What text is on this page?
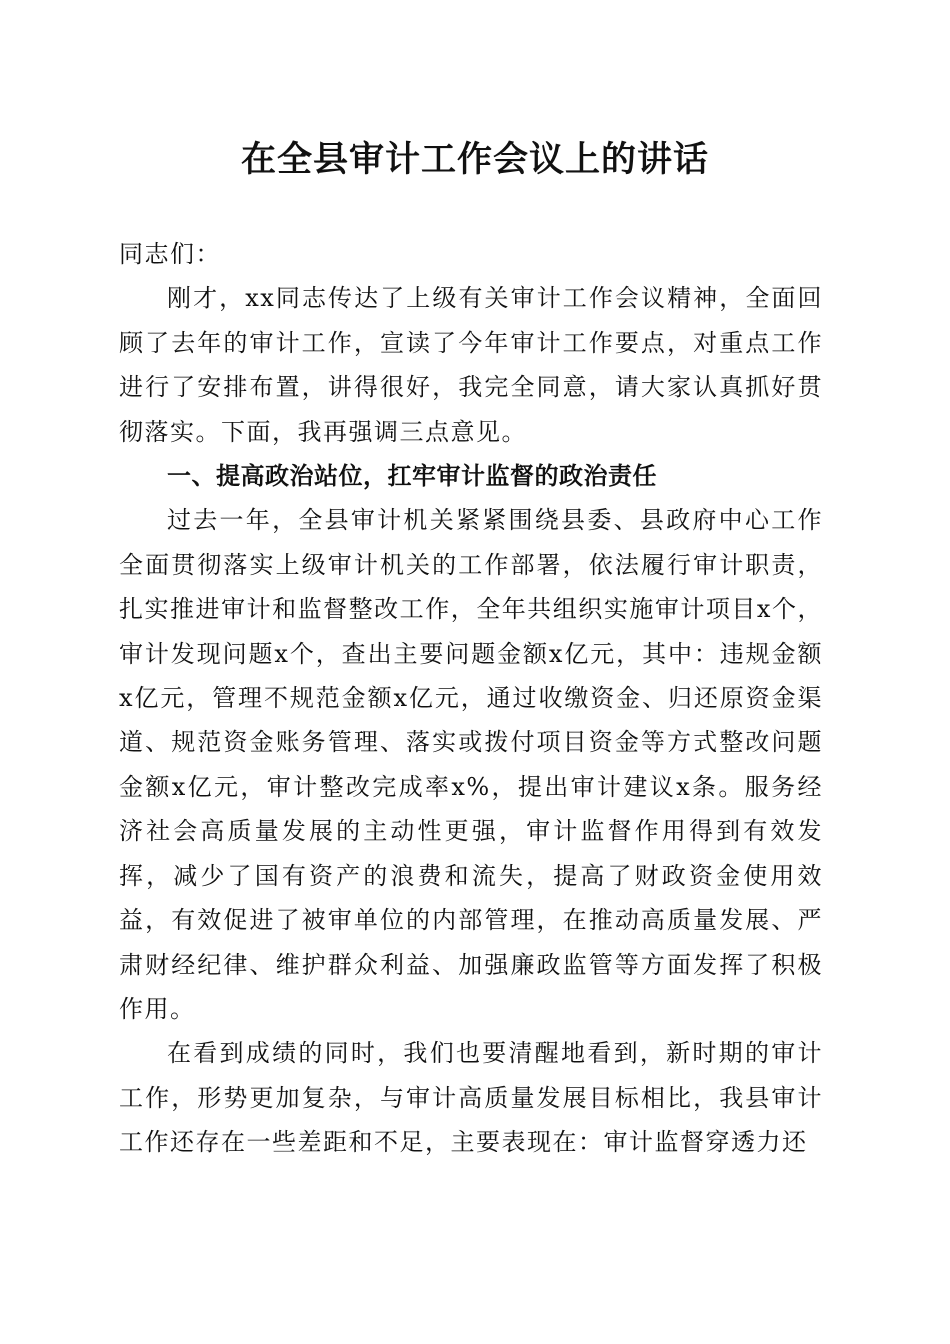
在全县审计工作会议上的讲话

同志们：

刚才，xx同志传达了上级有关审计工作会议精神，全面回顾了去年的审计工作，宣读了今年审计工作要点，对重点工作进行了安排布置，讲得很好，我完全同意，请大家认真抓好贯彻落实。下面，我再强调三点意见。

一、提高政治站位，扛牢审计监督的政治责任

过去一年，全县审计机关紧紧围绕县委、县政府中心工作全面贯彻落实上级审计机关的工作部署，依法履行审计职责，扎实推进审计和监督整改工作，全年共组织实施审计项目x个，审计发现问题x个，查出主要问题金额x亿元，其中：违规金额x亿元，管理不规范金额x亿元，通过收缴资金、归还原资金渠道、规范资金账务管理、落实或拨付项目资金等方式整改问题金额x亿元，审计整改完成率x%，提出审计建议x条。服务经济社会高质量发展的主动性更强，审计监督作用得到有效发挥，减少了国有资产的浪费和流失，提高了财政资金使用效益，有效促进了被审单位的内部管理，在推动高质量发展、严肃财经纪律、维护群众利益、加强廉政监管等方面发挥了积极作用。

在看到成绩的同时，我们也要清醒地看到，新时期的审计工作，形势更加复杂，与审计高质量发展目标相比，我县审计工作还存在一些差距和不足，主要表现在：审计监督穿透力还
